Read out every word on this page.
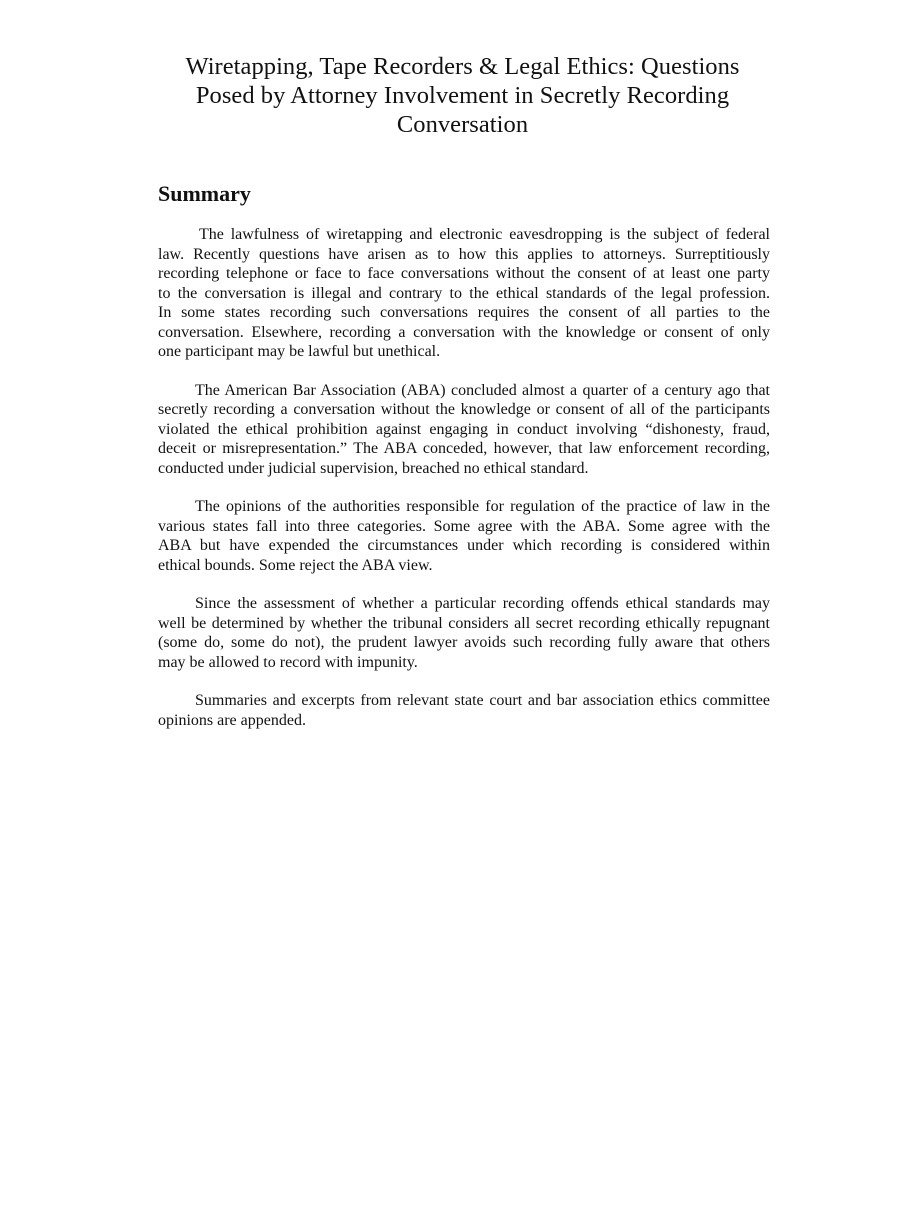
Wiretapping, Tape Recorders & Legal Ethics: Questions
Posed by Attorney Involvement in Secretly Recording
Conversation
Summary

The lawfulness of wiretapping and electronic eavesdropping is the subject of federal
law. Recently questions have arisen as to how this applies to attorneys. Surreptitiously
recording telephone or face to face conversations without the consent of at least one party
to the conversation is illegal and contrary to the ethical standards of the legal profession.
In some states recording such conversations requires the consent of all parties to the
conversation. Elsewhere, recording a conversation with the knowledge or consent of only
one participant may be lawful but unethical.

The American Bar Association (ABA) concluded almost a quarter of a century ago that
secretly recording a conversation without the knowledge or consent of all of the participants
violated the ethical prohibition against engaging in conduct involving “dishonesty, fraud,
deceit or misrepresentation.” The ABA conceded, however, that law enforcement recording,
conducted under judicial supervision, breached no ethical standard.

The opinions of the authorities responsible for regulation of the practice of law in the
various states fall into three categories. Some agree with the ABA. Some agree with the
ABA but have expended the circumstances under which recording is considered within
ethical bounds. Some reject the ABA view.

Since the assessment of whether a particular recording offends ethical standards may
well be determined by whether the tribunal considers all secret recording ethically repugnant
(some do, some do not), the prudent lawyer avoids such recording fully aware that others
may be allowed to record with impunity.

Summaries and excerpts from relevant state court and bar association ethics committee
opinions are appended.
